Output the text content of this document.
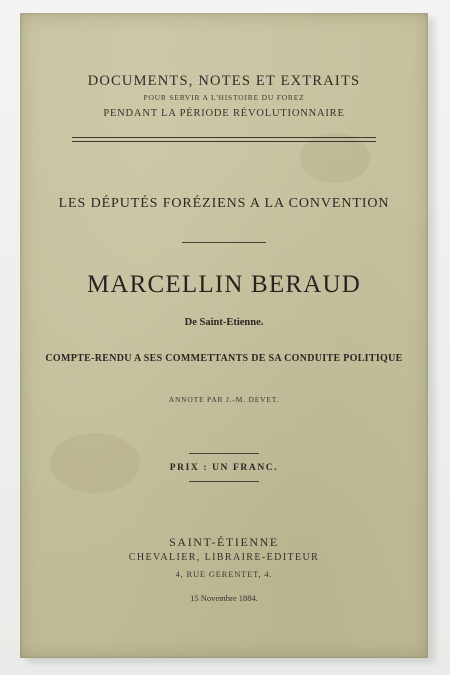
DOCUMENTS, NOTES ET EXTRAITS
POUR SERVIR A L'HISTOIRE DU FOREZ
PENDANT LA PÉRIODE RÉVOLUTIONNAIRE
LES DÉPUTÉS FORÉZIENS A LA CONVENTION
MARCELLIN BERAUD
De Saint-Etienne.
COMPTE-RENDU A SES COMMETTANTS DE SA CONDUITE POLITIQUE
ANNOTE PAR J.-M. DEVET.
PRIX : UN FRANC.
SAINT-ÉTIENNE
CHEVALIER, LIBRAIRE-EDITEUR
4, RUE GERENTET, 4.
15 Novembre 1884.
